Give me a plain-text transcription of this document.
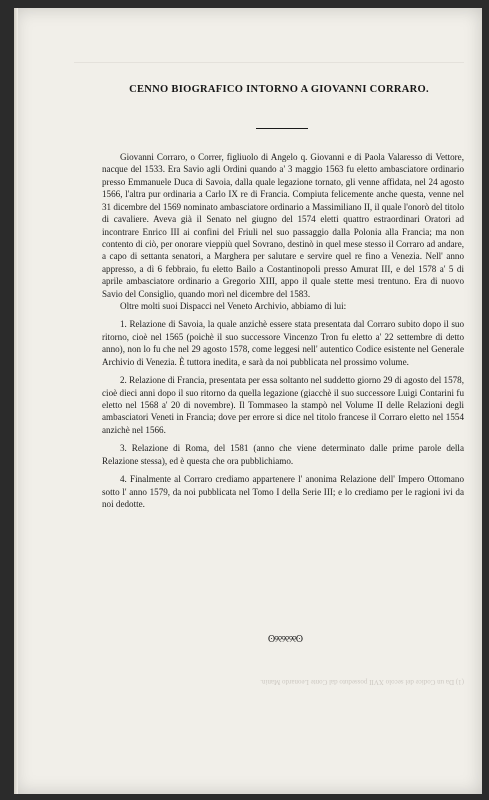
CENNO BIOGRAFICO INTORNO A GIOVANNI CORRARO.

Giovanni Corraro, o Correr, figliuolo di Angelo q. Giovanni e di Paola Valaresso di Vettore, nacque del 1533. Era Savio agli Ordini quando a' 3 maggio 1563 fu eletto ambasciatore ordinario presso Emmanuele Duca di Savoia, dalla quale legazione tornato, gli venne affidata, nel 24 agosto 1566, l'altra pur ordinaria a Carlo IX re di Francia. Compiuta felicemente anche questa, venne nel 31 dicembre del 1569 nominato ambasciatore ordinario a Massimiliano II, il quale l'onorò del titolo di cavaliere. Aveva già il Senato nel giugno del 1574 eletti quattro estraordinari Oratori ad incontrare Enrico III ai confini del Friuli nel suo passaggio dalla Polonia alla Francia; ma non contento di ciò, per onorare vieppiù quel Sovrano, destinò in quel mese stesso il Corraro ad andare, a capo di settanta senatori, a Marghera per salutare e servire quel re fino a Venezia. Nell' anno appresso, a dì 6 febbraio, fu eletto Bailo a Costantinopoli presso Amurat III, e del 1578 a' 5 di aprile ambasciatore ordinario a Gregorio XIII, appo il quale stette mesi trentuno. Era di nuovo Savio del Consiglio, quando morì nel dicembre del 1583.

Oltre molti suoi Dispacci nel Veneto Archivio, abbiamo di lui:

1. Relazione di Savoia, la quale anzichè essere stata presentata dal Corraro subito dopo il suo ritorno, cioè nel 1565 (poichè il suo successore Vincenzo Tron fu eletto a' 22 settembre di detto anno), non lo fu che nel 29 agosto 1578, come leggesi nell' autentico Codice esistente nel Generale Archivio di Venezia. È tuttora inedita, e sarà da noi pubblicata nel prossimo volume.

2. Relazione di Francia, presentata per essa soltanto nel suddetto giorno 29 di agosto del 1578, cioè dieci anni dopo il suo ritorno da quella legazione (giacchè il suo successore Luigi Contarini fu eletto nel 1568 a' 20 di novembre). Il Tommaseo la stampò nel Volume II delle Relazioni degli ambasciatori Veneti in Francia; dove per errore si dice nel titolo francese il Corraro eletto nel 1554 anzichè nel 1566.

3. Relazione di Roma, del 1581 (anno che viene determinato dalle prime parole della Relazione stessa), ed è questa che ora pubblichiamo.

4. Finalmente al Corraro crediamo appartenere l' anonima Relazione dell' Impero Ottomano sotto l' anno 1579, da noi pubblicata nel Tomo I della Serie III; e lo crediamo per le ragioni ivi da noi dedotte.

ʘ୨୧୨୧୨୧ʘ
(1) Da un Codice del secolo XVII posseduto dal Conte Leonardo Manin.
